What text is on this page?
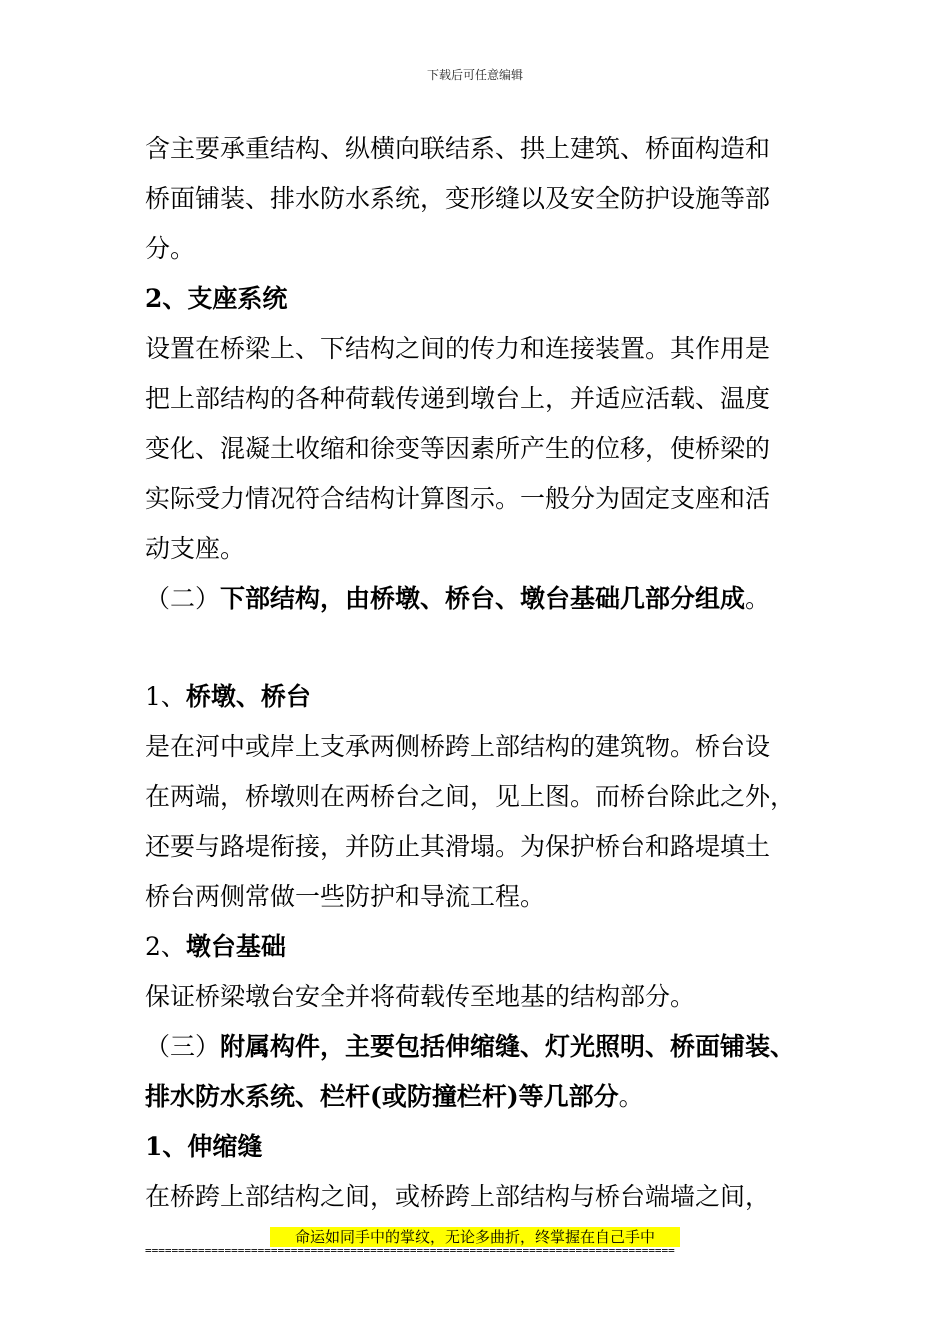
下载后可任意编辑
含主要承重结构、纵横向联结系、拱上建筑、桥面构造和
桥面铺装、排水防水系统，变形缝以及安全防护设施等部
分。
2、支座系统
设置在桥梁上、下结构之间的传力和连接装置。其作用是
把上部结构的各种荷载传递到墩台上，并适应活载、温度
变化、混凝土收缩和徐变等因素所产生的位移，使桥梁的
实际受力情况符合结构计算图示。一般分为固定支座和活
动支座。
（二）下部结构，由桥墩、桥台、墩台基础几部分组成。
1、桥墩、桥台
是在河中或岸上支承两侧桥跨上部结构的建筑物。桥台设
在两端，桥墩则在两桥台之间，见上图。而桥台除此之外，
还要与路堤衔接，并防止其滑塌。为保护桥台和路堤填土
桥台两侧常做一些防护和导流工程。
2、墩台基础
保证桥梁墩台安全并将荷载传至地基的结构部分。
（三）附属构件，主要包括伸缩缝、灯光照明、桥面铺装、
排水防水系统、栏杆(或防撞栏杆)等几部分。
1、伸缩缝
在桥跨上部结构之间，或桥跨上部结构与桥台端墙之间，
命运如同手中的掌纹，无论多曲折，终掌握在自己手中
================================================================================
